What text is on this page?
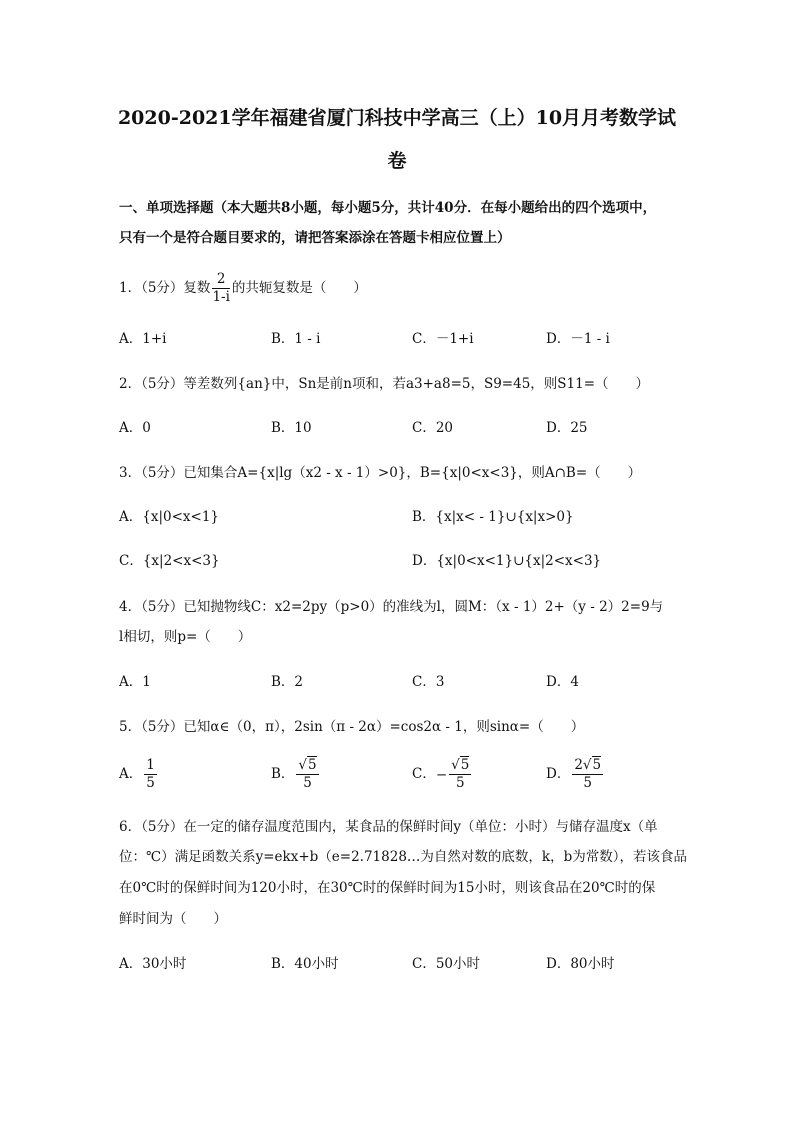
2020-2021学年福建省厦门科技中学高三（上）10月月考数学试
卷
一、单项选择题（本大题共8小题，每小题5分，共计40分．在每小题给出的四个选项中，
只有一个是符合题目要求的，请把答案添涂在答题卡相应位置上）
1．（5分）复数 $\frac{2}{1-i}$ 的共轭复数是（　　）
A．1+i	B．1 - i	C．－1+i	D．－1 - i
2．（5分）等差数列{an}中，Sn是前n项和，若a3+a8=5，S9=45，则S11=（　　）
A．0	B．10	C．20	D．25
3．（5分）已知集合A={x|lg（x2 - x - 1）>0}，B={x|0<x<3}，则A∩B=（　　）
A．{x|0<x<1}	B．{x|x< - 1}∪{x|x>0}
C．{x|2<x<3}	D．{x|0<x<1}∪{x|2<x<3}
4．（5分）已知抛物线C：x2=2py（p>0）的准线为l，圆M：（x - 1）2+（y - 2）2=9与
l相切，则p=（　　）
A．1	B．2	C．3	D．4
5．（5分）已知α∈（0，π），2sin（π - 2α）=cos2α - 1，则sinα=（　　）
A． $\frac{1}{5}$	B． $\frac{√5}{5}$	C．− $\frac{√5}{5}$	D． $\frac{2√5}{5}$
6．（5分）在一定的储存温度范围内，某食品的保鲜时间y（单位：小时）与储存温度x（单
位：℃）满足函数关系y=ekx+b（e=2.71828…为自然对数的底数，k，b为常数），若该食品
在0℃时的保鲜时间为120小时，在30℃时的保鲜时间为15小时，则该食品在20℃时的保
鲜时间为（　　）
A．30小时	B．40小时	C．50小时	D．80小时
